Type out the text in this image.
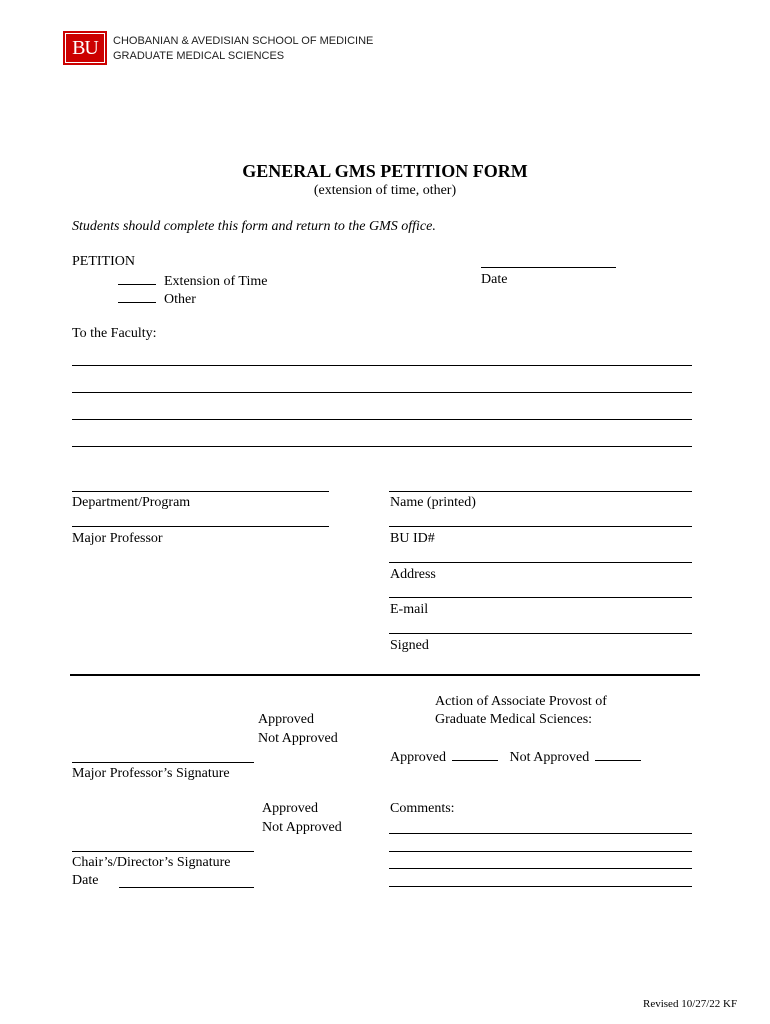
BU	CHOBANIAN & AVEDISIAN SCHOOL OF MEDICINE
GRADUATE MEDICAL SCIENCES
GENERAL GMS PETITION FORM
(extension of time, other)
Students should complete this form and return to the GMS office.
PETITION
Extension of Time
Other
Date
To the Faculty:
Department/Program
Major Professor
Name (printed)
BU ID#
Address
E-mail
Signed
Approved
Not Approved
Major Professor’s Signature
Approved
Not Approved
Chair’s/Director’s Signature
Date
Action of Associate Provost of
Graduate Medical Sciences:
Approved	Not Approved
Comments:
Revised 10/27/22 KF
